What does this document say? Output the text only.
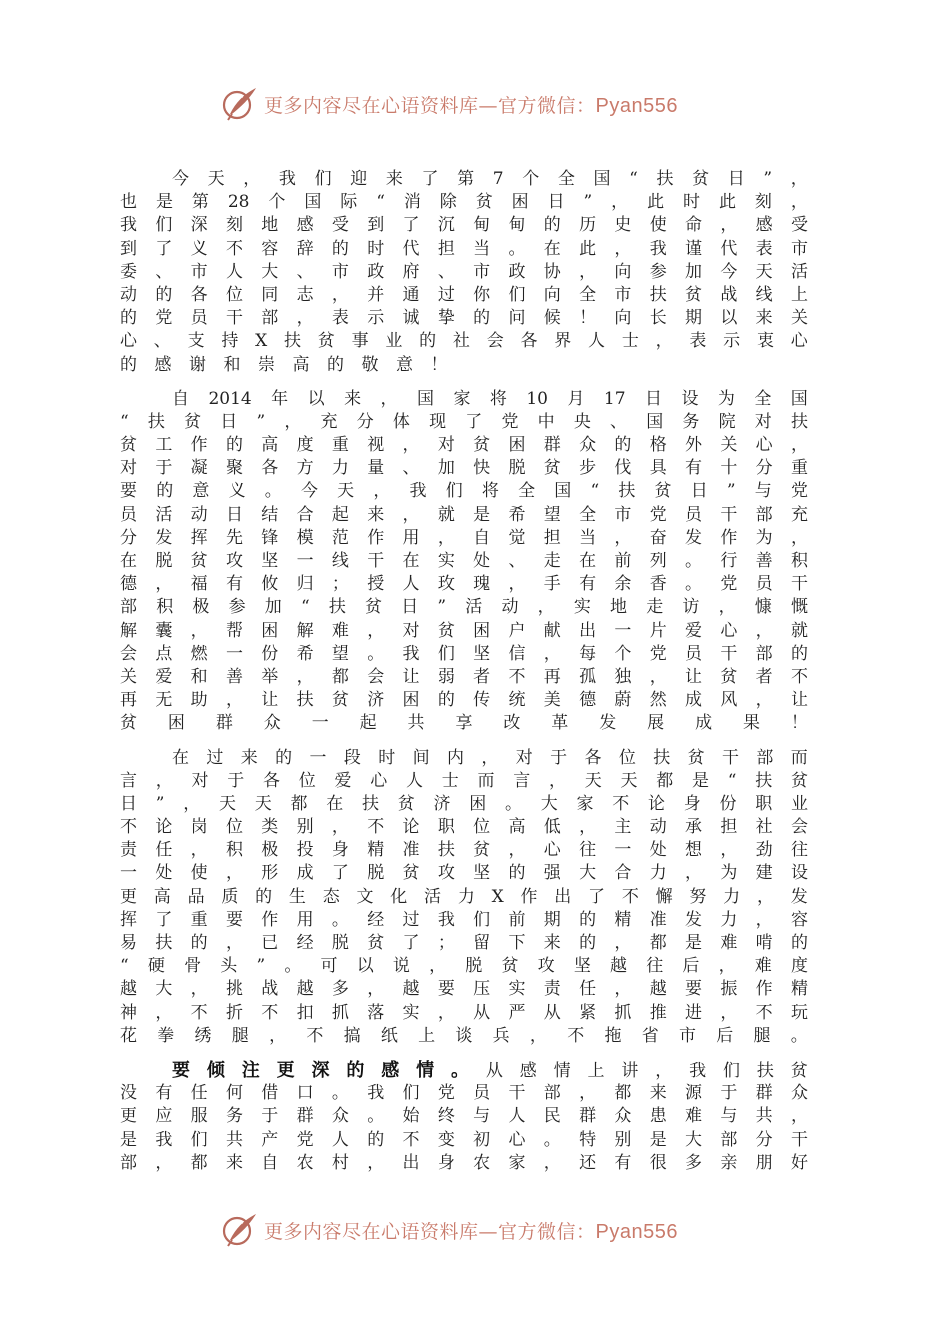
更多内容尽在心语资料库—官方微信：Pyan556
今 天 ， 我 们 迎 来 了 第 7 个 全 国 “ 扶 贫 日 ” ，
也 是 第 28 个 国 际 “ 消 除 贫 困 日 ” ， 此 时 此 刻 ，
我 们 深 刻 地 感 受 到 了 沉 甸 甸 的 历 史 使 命 ， 感 受
到 了 义 不 容 辞 的 时 代 担 当 。 在 此 ， 我 谨 代 表 市
委 、 市 人 大 、 市 政 府 、 市 政 协 ， 向 参 加 今 天 活
动 的 各 位 同 志 ， 并 通 过 你 们 向 全 市 扶 贫 战 线 上
的 党 员 干 部 ， 表 示 诚 挚 的 问 候 ！ 向 长 期 以 来 关
心 、 支 持 X 扶 贫 事 业 的 社 会 各 界 人 士 ， 表 示 衷 心
的 感 谢 和 崇 高 的 敬 意 ！
自 2014 年 以 来 ， 国 家 将 10 月 17 日 设 为 全 国
“ 扶 贫 日 ” ， 充 分 体 现 了 党 中 央 、 国 务 院 对 扶
贫 工 作 的 高 度 重 视 ， 对 贫 困 群 众 的 格 外 关 心 ，
对 于 凝 聚 各 方 力 量 、 加 快 脱 贫 步 伐 具 有 十 分 重
要 的 意 义 。 今 天 ， 我 们 将 全 国 “ 扶 贫 日 ” 与 党
员 活 动 日 结 合 起 来 ， 就 是 希 望 全 市 党 员 干 部 充
分 发 挥 先 锋 模 范 作 用 ， 自 觉 担 当 ， 奋 发 作 为 ，
在 脱 贫 攻 坚 一 线 干 在 实 处 、 走 在 前 列 。 行 善 积
德 ， 福 有 攸 归 ； 授 人 玫 瑰 ， 手 有 余 香 。 党 员 干
部 积 极 参 加 “ 扶 贫 日 ” 活 动 ， 实 地 走 访 ， 慷 慨
解 囊 ， 帮 困 解 难 ， 对 贫 困 户 献 出 一 片 爱 心 ， 就
会 点 燃 一 份 希 望 。 我 们 坚 信 ， 每 个 党 员 干 部 的
关 爱 和 善 举 ， 都 会 让 弱 者 不 再 孤 独 ， 让 贫 者 不
再 无 助 ， 让 扶 贫 济 困 的 传 统 美 德 蔚 然 成 风 ， 让
贫 困 群 众 一 起 共 享 改 革 发 展 成 果 ！
在 过 来 的 一 段 时 间 内 ， 对 于 各 位 扶 贫 干 部 而
言 ， 对 于 各 位 爱 心 人 士 而 言 ， 天 天 都 是 “ 扶 贫
日 ” ， 天 天 都 在 扶 贫 济 困 。 大 家 不 论 身 份 职 业
不 论 岗 位 类 别 ， 不 论 职 位 高 低 ， 主 动 承 担 社 会
责 任 ， 积 极 投 身 精 准 扶 贫 ， 心 往 一 处 想 ， 劲 往
一 处 使 ， 形 成 了 脱 贫 攻 坚 的 强 大 合 力 ， 为 建 设
更 高 品 质 的 生 态 文 化 活 力 X 作 出 了 不 懈 努 力 ， 发
挥 了 重 要 作 用 。 经 过 我 们 前 期 的 精 准 发 力 ， 容
易 扶 的 ， 已 经 脱 贫 了 ； 留 下 来 的 ， 都 是 难 啃 的
“ 硬 骨 头 ” 。 可 以 说 ， 脱 贫 攻 坚 越 往 后 ， 难 度
越 大 ， 挑 战 越 多 ， 越 要 压 实 责 任 ， 越 要 振 作 精
神 ， 不 折 不 扣 抓 落 实 ， 从 严 从 紧 抓 推 进 ， 不 玩
花 拳 绣 腿 ， 不 搞 纸 上 谈 兵 ， 不 拖 省 市 后 腿 。
要 倾 注 更 深 的 感 情 。 从 感 情 上 讲 ， 我 们 扶 贫
没 有 任 何 借 口 。 我 们 党 员 干 部 ， 都 来 源 于 群 众
更 应 服 务 于 群 众 。 始 终 与 人 民 群 众 患 难 与 共 ，
是 我 们 共 产 党 人 的 不 变 初 心 。 特 别 是 大 部 分 干
部 ， 都 来 自 农 村 ， 出 身 农 家 ， 还 有 很 多 亲 朋 好
更多内容尽在心语资料库—官方微信：Pyan556
